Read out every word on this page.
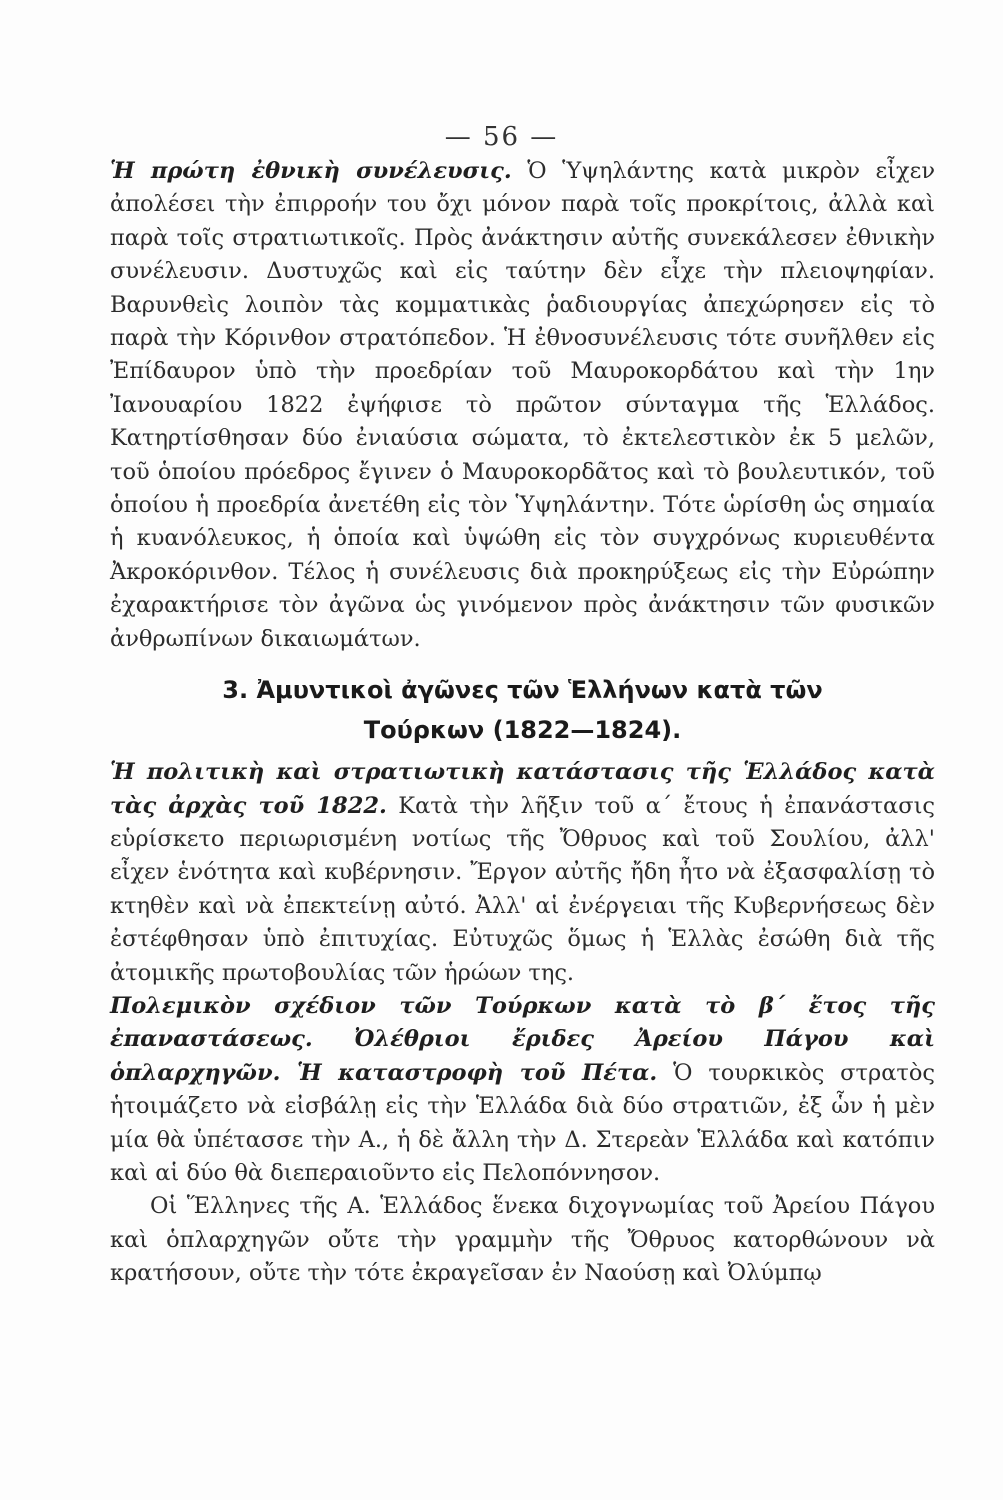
— 56 —

Ἡ πρώτη ἐθνικὴ συνέλευσις. Ὁ Ὑψηλάντης κατὰ μικρὸν εἶχεν ἀπολέσει τὴν ἐπιρροήν του ὄχι μόνον παρὰ τοῖς προκρίτοις, ἀλλὰ καὶ παρὰ τοῖς στρατιωτικοῖς. Πρὸς ἀνάκτησιν αὐτῆς συνεκάλεσεν ἐθνικὴν συνέλευσιν. Δυστυχῶς καὶ εἰς ταύτην δὲν εἶχε τὴν πλειοψηφίαν. Βαρυνθεὶς λοιπὸν τὰς κομματικὰς ῥαδιουργίας ἀπεχώρησεν εἰς τὸ παρὰ τὴν Κόρινθον στρατόπεδον. Ἡ ἐθνοσυνέλευσις τότε συνῆλθεν εἰς Ἐπίδαυρον ὑπὸ τὴν προεδρίαν τοῦ Μαυροκορδάτου καὶ τὴν 1ην Ἰανουαρίου 1822 ἐψήφισε τὸ πρῶτον σύνταγμα τῆς Ἑλλάδος. Κατηρτίσθησαν δύο ἐνιαύσια σώματα, τὸ ἐκτελεστικὸν ἐκ 5 μελῶν, τοῦ ὁποίου πρόεδρος ἔγινεν ὁ Μαυροκορδᾶτος καὶ τὸ βουλευτικόν, τοῦ ὁποίου ἡ προεδρία ἀνετέθη εἰς τὸν Ὑψηλάντην. Τότε ὡρίσθη ὡς σημαία ἡ κυανόλευκος, ἡ ὁποία καὶ ὑψώθη εἰς τὸν συγχρόνως κυριευθέντα Ἀκροκόρινθον. Τέλος ἡ συνέλευσις διὰ προκηρύξεως εἰς τὴν Εὐρώπην ἐχαρακτήρισε τὸν ἀγῶνα ὡς γινόμενον πρὸς ἀνάκτησιν τῶν φυσικῶν ἀνθρωπίνων δικαιωμάτων.

3. Ἀμυντικοὶ ἀγῶνες τῶν Ἑλλήνων κατὰ τῶν
Τούρκων (1822—1824).

Ἡ πολιτικὴ καὶ στρατιωτικὴ κατάστασις τῆς Ἑλλάδος κατὰ τὰς ἀρχὰς τοῦ 1822. Κατὰ τὴν λῆξιν τοῦ α΄ ἔτους ἡ ἐπανάστασις εὑρίσκετο περιωρισμένη νοτίως τῆς Ὄθρυος καὶ τοῦ Σουλίου, ἀλλ' εἶχεν ἑνότητα καὶ κυβέρνησιν. Ἔργον αὐτῆς ἤδη ἦτο νὰ ἐξασφαλίσῃ τὸ κτηθὲν καὶ νὰ ἐπεκτείνῃ αὐτό. Ἀλλ' αἱ ἐνέργειαι τῆς Κυβερνήσεως δὲν ἐστέφθησαν ὑπὸ ἐπιτυχίας. Εὐτυχῶς ὅμως ἡ Ἑλλὰς ἐσώθη διὰ τῆς ἀτομικῆς πρωτοβουλίας τῶν ἡρώων της.

Πολεμικὸν σχέδιον τῶν Τούρκων κατὰ τὸ β΄ ἔτος τῆς ἐπαναστάσεως. Ὀλέθριοι ἔριδες Ἀρείου Πάγου καὶ ὁπλαρχηγῶν. Ἡ καταστροφὴ τοῦ Πέτα. Ὁ τουρκικὸς στρατὸς ἡτοιμάζετο νὰ εἰσβάλῃ εἰς τὴν Ἑλλάδα διὰ δύο στρατιῶν, ἐξ ὧν ἡ μὲν μία θὰ ὑπέτασσε τὴν Α., ἡ δὲ ἄλλη τὴν Δ. Στερεὰν Ἑλλάδα καὶ κατόπιν καὶ αἱ δύο θὰ διεπεραιοῦντο εἰς Πελοπόννησον.

Οἱ Ἕλληνες τῆς Α. Ἑλλάδος ἕνεκα διχογνωμίας τοῦ Ἀρείου Πάγου καὶ ὁπλαρχηγῶν οὔτε τὴν γραμμὴν τῆς Ὄθρυος κατορθώνουν νὰ κρατήσουν, οὔτε τὴν τότε ἐκραγεῖσαν ἐν Ναούσῃ καὶ Ὀλύμπῳ
